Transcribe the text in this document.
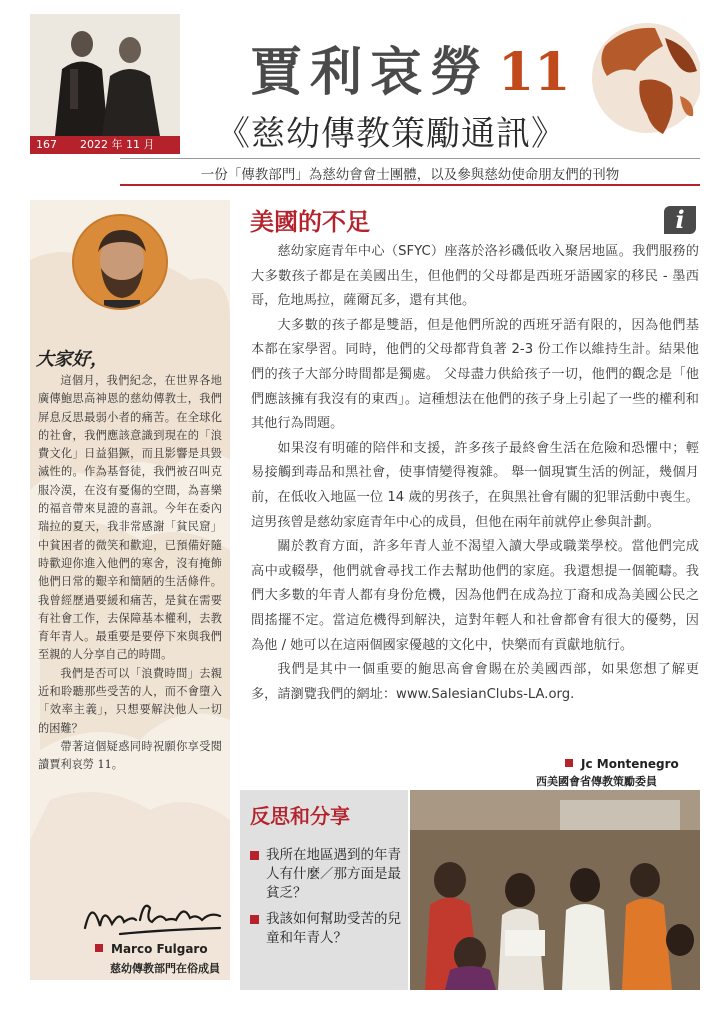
167	2022 年 11 月
賈利哀勞 11
《慈幼傳教策勵通訊》
一份「傳教部門」為慈幼會會士團體，以及參與慈幼使命朋友們的刊物
大家好，

這個月，我們紀念，在世界各地廣傳鮑思高神恩的慈幼傳教士，我們屏息反思最弱小者的痛苦。在全球化的社會，我們應該意識到現在的「浪費文化」日益猖獗，而且影響是具毀滅性的。作為基督徒，我們被召叫克服冷漠，在沒有憂傷的空間，為喜樂的福音帶來見證的喜訊。今年在委內瑞拉的夏天，我非常感謝「貧民窟」中貧困者的微笑和歡迎，已預備好隨時歡迎你進入他們的寒舍，沒有掩飾他們日常的艱辛和簡陋的生活條件。我曾經歷過要緩和痛苦，是貧在需要有社會工作，去保障基本權利，去教育年青人。最重要是要停下來與我們至親的人分享自己的時間。

我們是否可以「浪費時間」去親近和聆聽那些受苦的人，而不會墮入「效率主義」，只想要解決他人一切的困難？

帶著這個疑惑同時祝願你享受閱讀賈利哀勞 11。

Marco Fulgaro
慈幼傳教部門在俗成員
美國的不足	i

慈幼家庭青年中心（SFYC）座落於洛衫磯低收入聚居地區。我們服務的大多數孩子都是在美國出生，但他們的父母都是西班牙語國家的移民 - 墨西哥，危地馬拉，薩爾瓦多，還有其他。

大多數的孩子都是雙語，但是他們所說的西班牙語有限的，因為他們基本都在家學習。同時，他們的父母都背負著 2-3 份工作以維持生計。結果他們的孩子大部分時間都是獨處。 父母盡力供給孩子一切，他們的觀念是「他們應該擁有我沒有的東西」。這種想法在他們的孩子身上引起了一些的權利和其他行為問題。

如果沒有明確的陪伴和支援，許多孩子最終會生活在危險和恐懼中；輕易接觸到毒品和黑社會，使事情變得複雜。 舉一個現實生活的例証，幾個月前，在低收入地區一位 14 歲的男孩子，在與黑社會有關的犯罪活動中喪生。這男孩曾是慈幼家庭青年中心的成員，但他在兩年前就停止參與計劃。

關於教育方面，許多年青人並不渴望入讀大學或職業學校。當他們完成高中或輟學，他們就會尋找工作去幫助他們的家庭。我還想提一個範疇。我們大多數的年青人都有身份危機，因為他們在成為拉丁裔和成為美國公民之間搖擺不定。當這危機得到解決，這對年輕人和社會都會有很大的優勢，因為他 / 她可以在這兩個國家優越的文化中，快樂而有貢獻地航行。

我們是其中一個重要的鮑思高會會賜在於美國西部，如果您想了解更多，請瀏覽我們的網址：www.SalesianClubs-LA.org.

Jc Montenegro
西美國會省傳教策勵委員
反思和分享
我所在地區遇到的年青人有什麼／那方面是最貧乏？
我該如何幫助受苦的兒童和年青人？
